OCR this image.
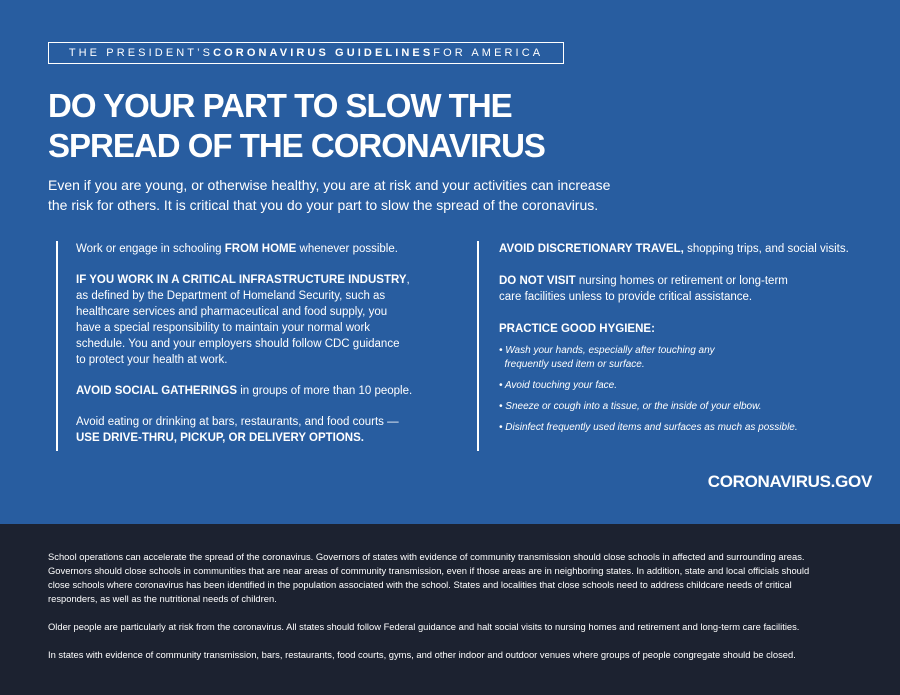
THE PRESIDENT’S CORONAVIRUS GUIDELINES FOR AMERICA
DO YOUR PART TO SLOW THE
SPREAD OF THE CORONAVIRUS
Even if you are young, or otherwise healthy, you are at risk and your activities can increase
the risk for others. It is critical that you do your part to slow the spread of the coronavirus.
Work or engage in schooling FROM HOME whenever possible.
IF YOU WORK IN A CRITICAL INFRASTRUCTURE INDUSTRY,
as defined by the Department of Homeland Security, such as
healthcare services and pharmaceutical and food supply, you
have a special responsibility to maintain your normal work
schedule. You and your employers should follow CDC guidance
to protect your health at work.
AVOID SOCIAL GATHERINGS in groups of more than 10 people.
Avoid eating or drinking at bars, restaurants, and food courts —
USE DRIVE-THRU, PICKUP, OR DELIVERY OPTIONS.
AVOID DISCRETIONARY TRAVEL, shopping trips, and social visits.
DO NOT VISIT nursing homes or retirement or long-term
care facilities unless to provide critical assistance.
PRACTICE GOOD HYGIENE:
• Wash your hands, especially after touching any
frequently used item or surface.
• Avoid touching your face.
• Sneeze or cough into a tissue, or the inside of your elbow.
• Disinfect frequently used items and surfaces as much as possible.
CORONAVIRUS.GOV
School operations can accelerate the spread of the coronavirus. Governors of states with evidence of community transmission should close schools in affected and surrounding areas.
Governors should close schools in communities that are near areas of community transmission, even if those areas are in neighboring states. In addition, state and local officials should
close schools where coronavirus has been identified in the population associated with the school. States and localities that close schools need to address childcare needs of critical
responders, as well as the nutritional needs of children.
Older people are particularly at risk from the coronavirus. All states should follow Federal guidance and halt social visits to nursing homes and retirement and long-term care facilities.
In states with evidence of community transmission, bars, restaurants, food courts, gyms, and other indoor and outdoor venues where groups of people congregate should be closed.
